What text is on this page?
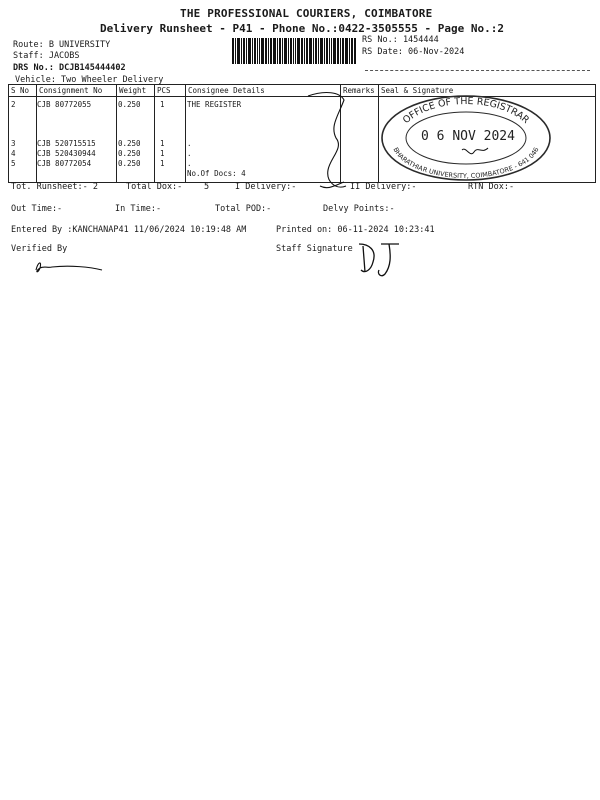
THE PROFESSIONAL COURIERS, COIMBATORE
Delivery Runsheet - P41 - Phone No.:0422-3505555 - Page No.:2
Route: B UNIVERSITY
Staff: JACOBS
DRS No.: DCJB145444402
RS No.: 1454444
RS Date: 06-Nov-2024
Vehicle: Two Wheeler Delivery
S No	Consignment No	Weight	PCS	Consignee Details	Remarks	Seal & Signature

2	CJB 80772055	0.250	1	THE REGISTER
3	CJB 520715515	0.250	1	.
4	CJB 520430944	0.250	1	.
5	CJB 80772054	0.250	1	.
No.Of Docs: 4
OFFICE OF THE REGISTRAR
BHARATHIAR UNIVERSITY, COIMBATORE - 641 046
0 6 NOV 2024
Tot. Runsheet:- 2	Total Dox:-	5	I Delivery:-	II Delivery:-	RTN Dox:-
Out Time:-	In Time:-	Total POD:-	Delvy Points:-
Entered By :KANCHANAP41 11/06/2024 10:19:48 AM	Printed on: 06-11-2024 10:23:41
Verified By	Staff Signature
